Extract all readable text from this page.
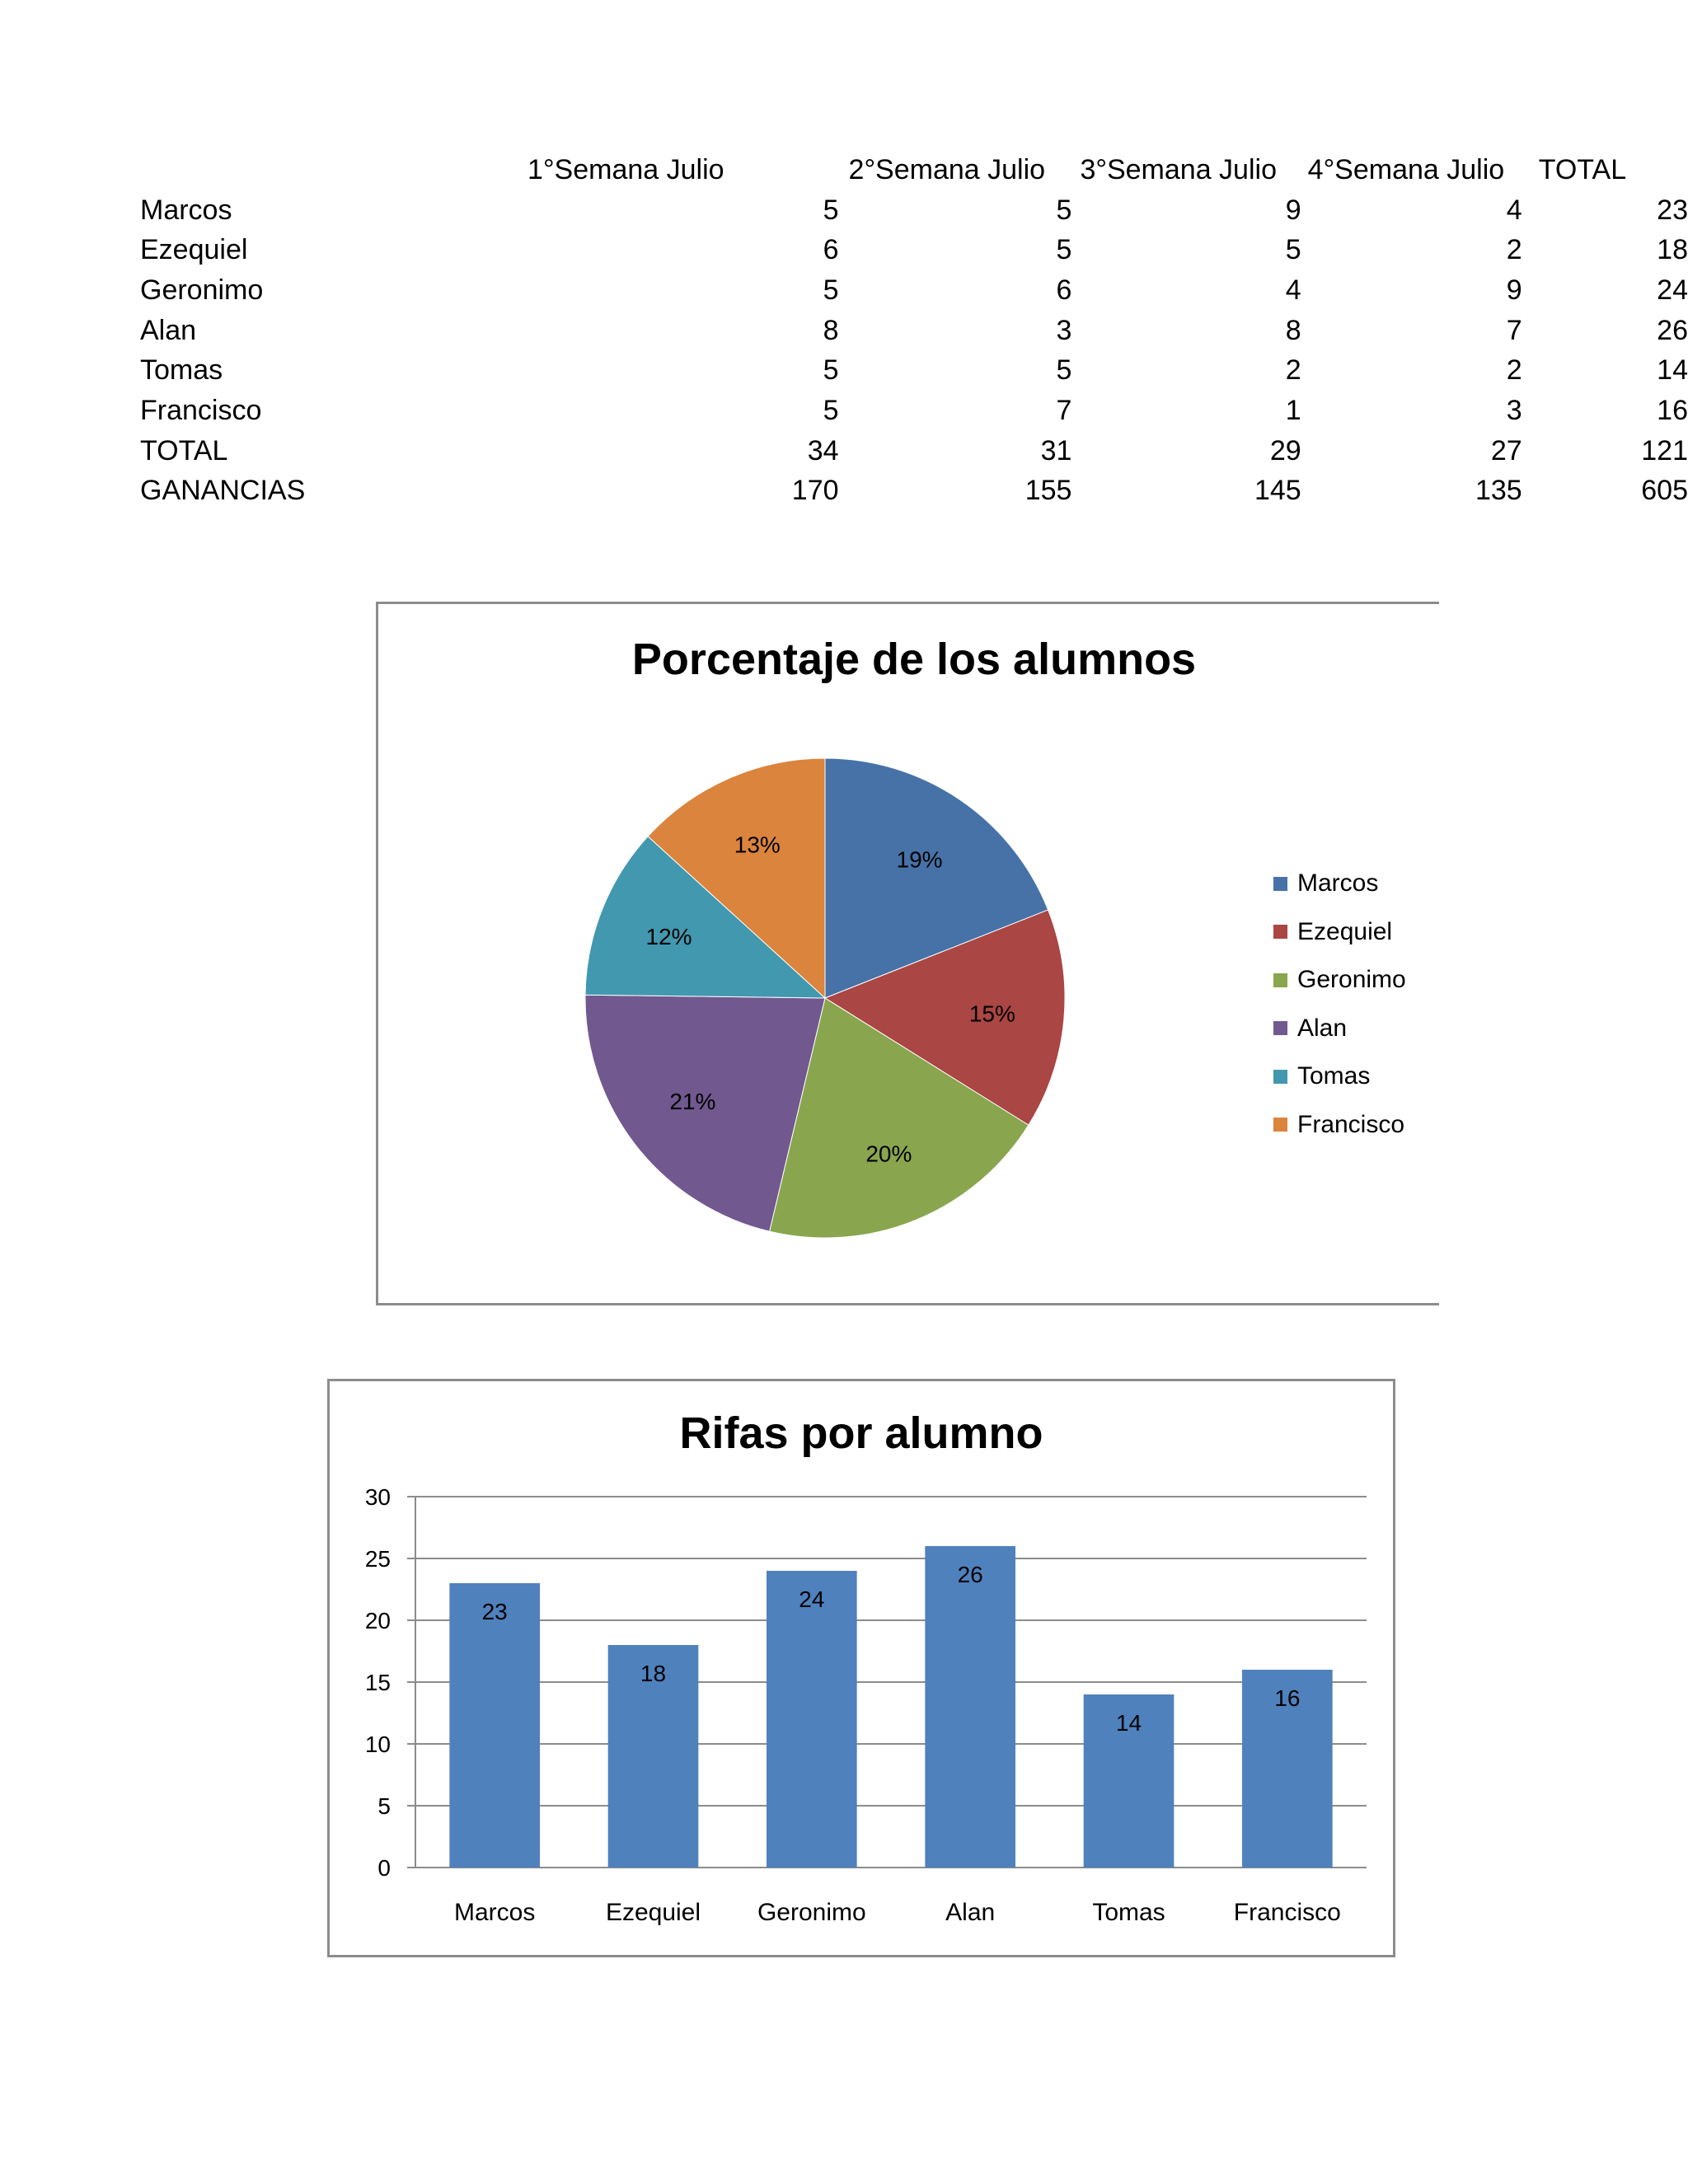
	1°Semana Julio	2°Semana Julio	3°Semana Julio	4°Semana Julio	TOTAL
Marcos	5	5	9	4	23
Ezequiel	6	5	5	2	18
Geronimo	5	6	4	9	24
Alan	8	3	8	7	26
Tomas	5	5	2	2	14
Francisco	5	7	1	3	16
TOTAL	34	31	29	27	121
GANANCIAS	170	155	145	135	605
Porcentaje de los alumnos
19%
15%
20%
21%
12%
13%
Marcos
Ezequiel
Geronimo
Alan
Tomas
Francisco
Rifas por alumno
0
5
10
15
20
25
30
23
Marcos
18
Ezequiel
24
Geronimo
26
Alan
14
Tomas
16
Francisco
